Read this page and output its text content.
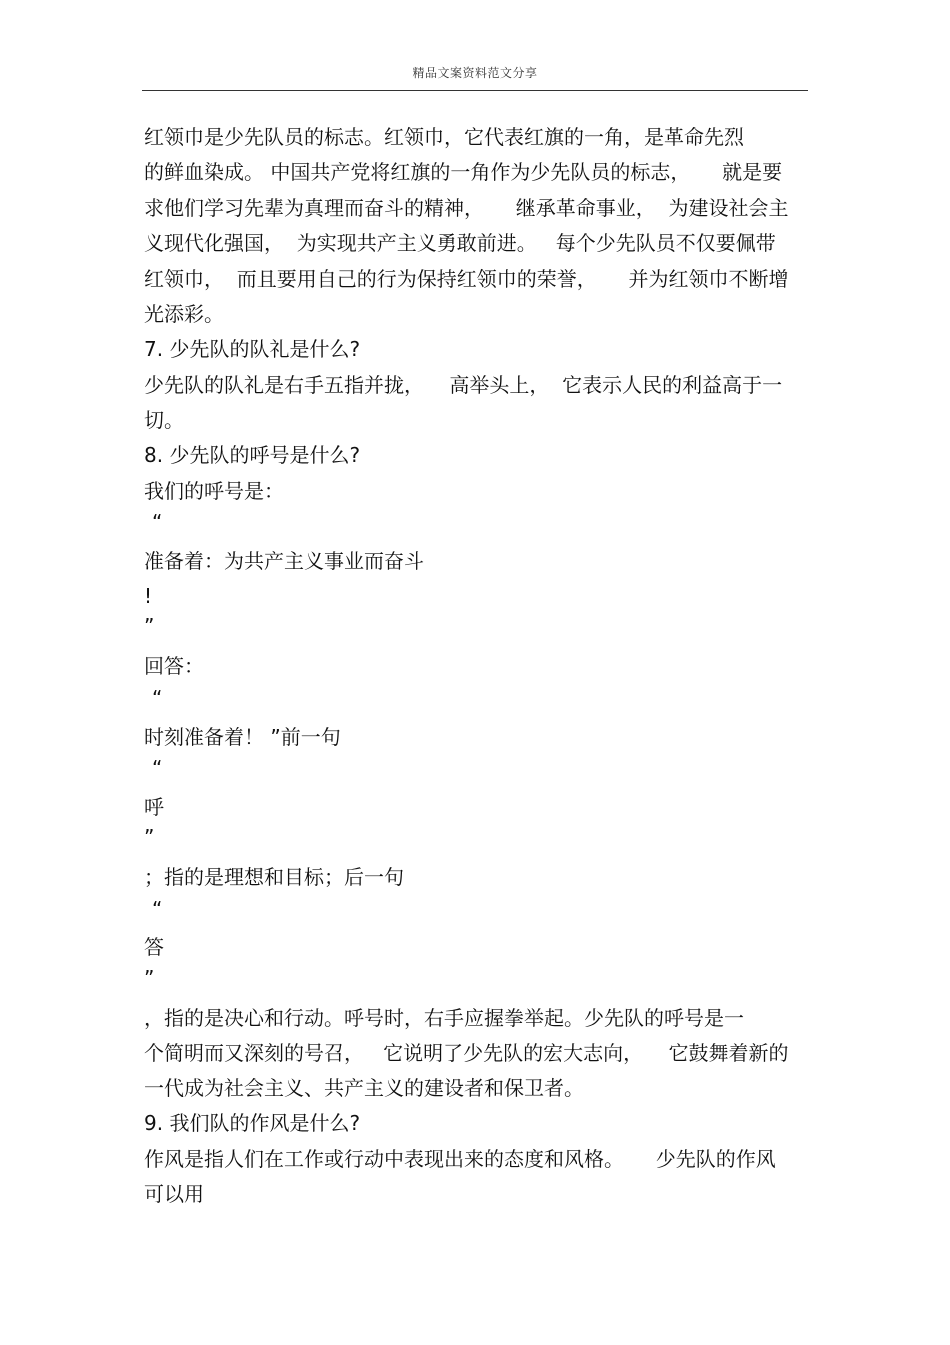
精品文案资料范文分享
红领巾是少先队员的标志。红领巾，它代表红旗的一角，是革命先烈
的鲜血染成。 中国共产党将红旗的一角作为少先队员的标志，     就是要
求他们学习先辈为真理而奋斗的精神，     继承革命事业，  为建设社会主
义现代化强国，  为实现共产主义勇敢前进。   每个少先队员不仅要佩带
红领巾，  而且要用自己的行为保持红领巾的荣誉，     并为红领巾不断增
光添彩。
7. 少先队的队礼是什么?
少先队的队礼是右手五指并拢，    高举头上，  它表示人民的利益高于一
切。
8. 少先队的呼号是什么?
我们的呼号是：
“
准备着：为共产主义事业而奋斗
!
”
回答：
“
时刻准备着！ ”前一句
“
呼
”
；指的是理想和目标；后一句
“
答
”
，指的是决心和行动。呼号时，右手应握拳举起。少先队的呼号是一
个简明而又深刻的号召，   它说明了少先队的宏大志向，    它鼓舞着新的
一代成为社会主义、共产主义的建设者和保卫者。
9. 我们队的作风是什么?
作风是指人们在工作或行动中表现出来的态度和风格。     少先队的作风
可以用
